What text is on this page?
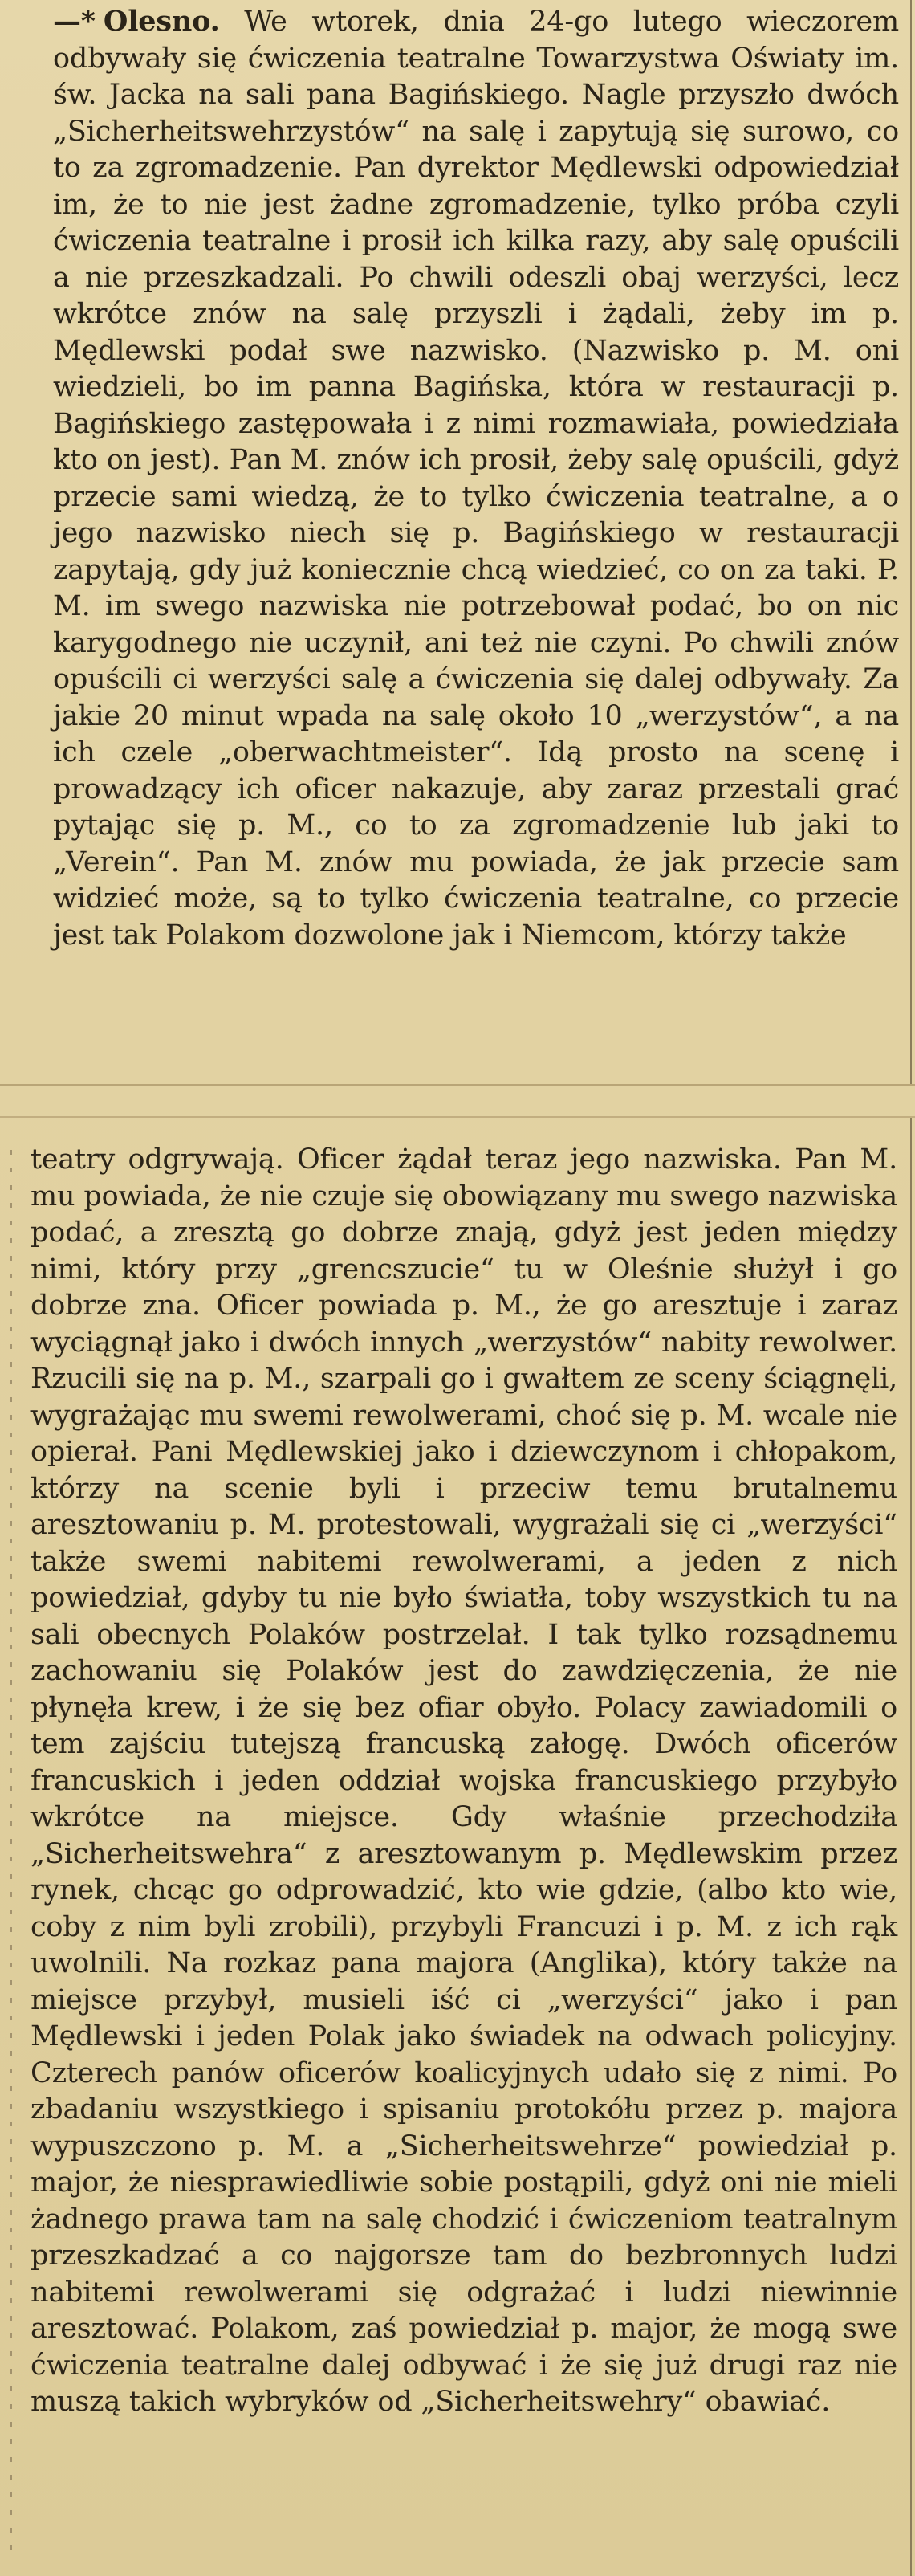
—* Olesno. We wtorek, dnia 24-go lutego wieczorem odbywały się ćwiczenia teatralne Towarzystwa Oświaty im. św. Jacka na sali pana Bagińskiego. Nagle przyszło dwóch „Sicherheitswehrzystów“ na salę i zapytują się surowo, co to za zgromadzenie. Pan dyrektor Mędlewski odpowiedział im, że to nie jest żadne zgromadzenie, tylko próba czyli ćwiczenia teatralne i prosił ich kilka razy, aby salę opuścili a nie przeszkadzali. Po chwili odeszli obaj werzyści, lecz wkrótce znów na salę przyszli i żądali, żeby im p. Mędlewski podał swe nazwisko. (Nazwisko p. M. oni wiedzieli, bo im panna Bagińska, która w restauracji p. Bagińskiego zastępowała i z nimi rozmawiała, powiedziała kto on jest). Pan M. znów ich prosił, żeby salę opuścili, gdyż przecie sami wiedzą, że to tylko ćwiczenia teatralne, a o jego nazwisko niech się p. Bagińskiego w restauracji zapytają, gdy już koniecznie chcą wiedzieć, co on za taki. P. M. im swego nazwiska nie potrzebował podać, bo on nic karygodnego nie uczynił, ani też nie czyni. Po chwili znów opuścili ci werzyści salę a ćwiczenia się dalej odbywały. Za jakie 20 minut wpada na salę około 10 „werzystów“, a na ich czele „oberwachtmeister“. Idą prosto na scenę i prowadzący ich oficer nakazuje, aby zaraz przestali grać pytając się p. M., co to za zgromadzenie lub jaki to „Verein“. Pan M. znów mu powiada, że jak przecie sam widzieć może, są to tylko ćwiczenia teatralne, co przecie jest tak Polakom dozwolone jak i Niemcom, którzy także

teatry odgrywają. Oficer żądał teraz jego nazwiska. Pan M. mu powiada, że nie czuje się obowiązany mu swego nazwiska podać, a zresztą go dobrze znają, gdyż jest jeden między nimi, który przy „grencszucie“ tu w Oleśnie służył i go dobrze zna. Oficer powiada p. M., że go aresztuje i zaraz wyciągnął jako i dwóch innych „werzystów“ nabity rewolwer. Rzucili się na p. M., szarpali go i gwałtem ze sceny ściągnęli, wygrażając mu swemi rewolwerami, choć się p. M. wcale nie opierał. Pani Mędlewskiej jako i dziewczynom i chłopakom, którzy na scenie byli i przeciw temu brutalnemu aresztowaniu p. M. protestowali, wygrażali się ci „werzyści“ także swemi nabitemi rewolwerami, a jeden z nich powiedział, gdyby tu nie było światła, toby wszystkich tu na sali obecnych Polaków postrzelał. I tak tylko rozsądnemu zachowaniu się Polaków jest do zawdzięczenia, że nie płynęła krew, i że się bez ofiar obyło. Polacy zawiadomili o tem zajściu tutejszą francuską załogę. Dwóch oficerów francuskich i jeden oddział wojska francuskiego przybyło wkrótce na miejsce. Gdy właśnie przechodziła „Sicherheitswehra“ z aresztowanym p. Mędlewskim przez rynek, chcąc go odprowadzić, kto wie gdzie, (albo kto wie, coby z nim byli zrobili), przybyli Francuzi i p. M. z ich rąk uwolnili. Na rozkaz pana majora (Anglika), który także na miejsce przybył, musieli iść ci „werzyści“ jako i pan Mędlewski i jeden Polak jako świadek na odwach policyjny. Czterech panów oficerów koalicyjnych udało się z nimi. Po zbadaniu wszystkiego i spisaniu protokółu przez p. majora wypuszczono p. M. a „Sicherheitswehrze“ powiedział p. major, że niesprawiedliwie sobie postąpili, gdyż oni nie mieli żadnego prawa tam na salę chodzić i ćwiczeniom teatralnym przeszkadzać a co najgorsze tam do bezbronnych ludzi nabitemi rewolwerami się odgrażać i ludzi niewinnie aresztować. Polakom, zaś powiedział p. major, że mogą swe ćwiczenia teatralne dalej odbywać i że się już drugi raz nie muszą takich wybryków od „Sicherheitswehry“ obawiać.
